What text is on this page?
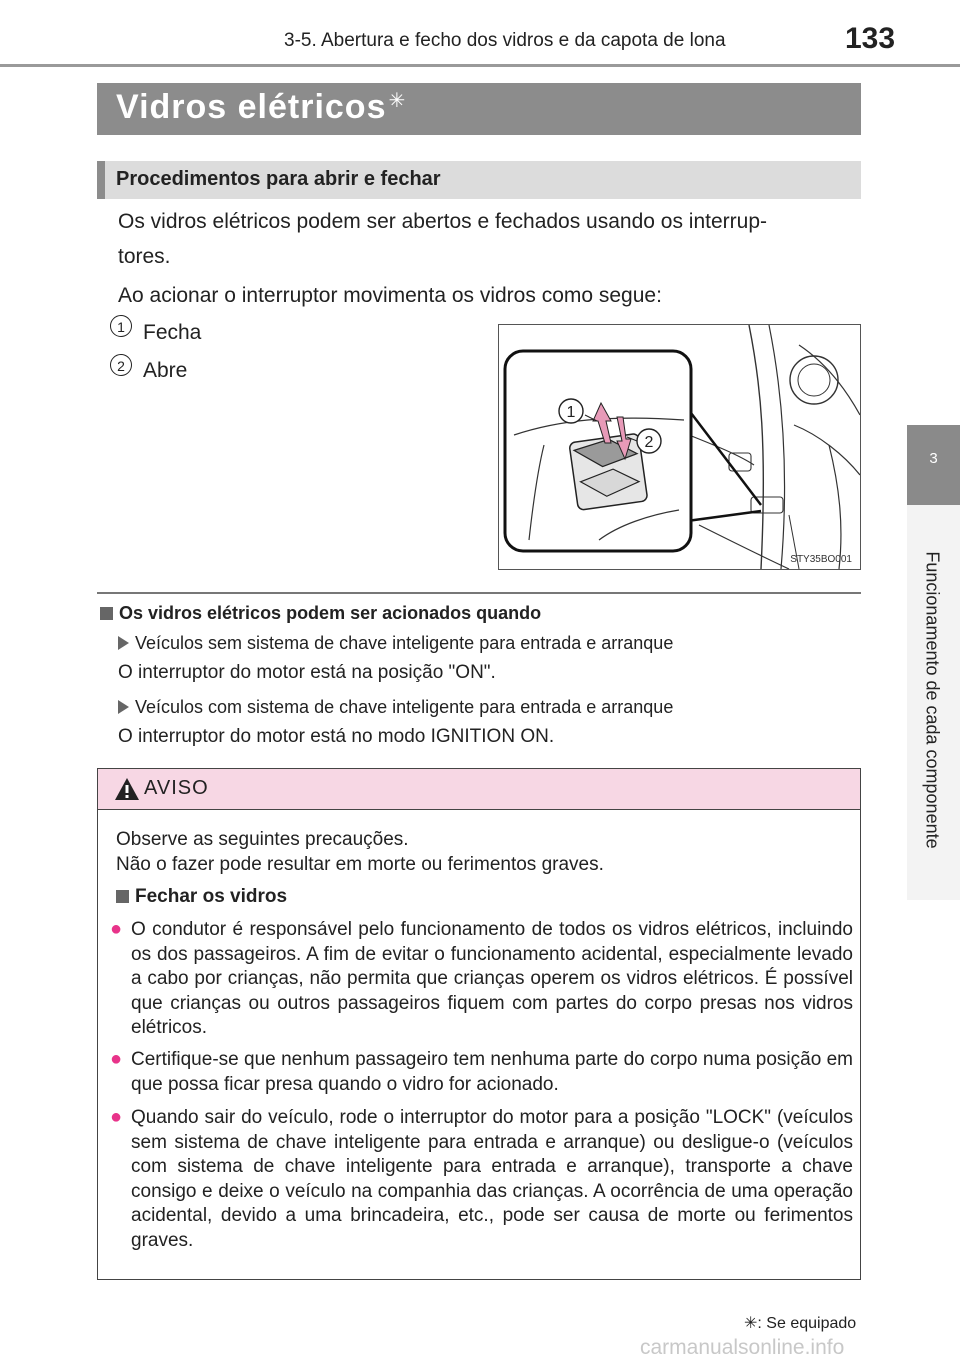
3-5. Abertura e fecho dos vidros e da capota de lona	133
3
Funcionamento de cada componente
Vidros elétricos ✳
Procedimentos para abrir e fechar
Os vidros elétricos podem ser abertos e fechados usando os interrup-
tores.
Ao acionar o interruptor movimenta os vidros como segue:
1 Fecha
2 Abre
1
2
STY35BO001
Os vidros elétricos podem ser acionados quando
Veículos sem sistema de chave inteligente para entrada e arranque
O interruptor do motor está na posição "ON".
Veículos com sistema de chave inteligente para entrada e arranque
O interruptor do motor está no modo IGNITION ON.
AVISO
Observe as seguintes precauções.
Não o fazer pode resultar em morte ou ferimentos graves.
Fechar os vidros
● O condutor é responsável pelo funcionamento de todos os vidros elétricos, incluindo os dos passageiros. A fim de evitar o funcionamento acidental, especialmente levado a cabo por crianças, não permita que crianças operem os vidros elétricos. É possível que crianças ou outros passageiros fiquem com partes do corpo presas nos vidros elétricos.
● Certifique-se que nenhum passageiro tem nenhuma parte do corpo numa posição em que possa ficar presa quando o vidro for acionado.
● Quando sair do veículo, rode o interruptor do motor para a posição "LOCK" (veículos sem sistema de chave inteligente para entrada e arranque) ou desligue-o (veículos com sistema de chave inteligente para entrada e arranque), transporte a chave consigo e deixe o veículo na companhia das crianças. A ocorrência de uma operação acidental, devido a uma brincadeira, etc., pode ser causa de morte ou ferimentos graves.
✳: Se equipado
carmanualsonline.info
